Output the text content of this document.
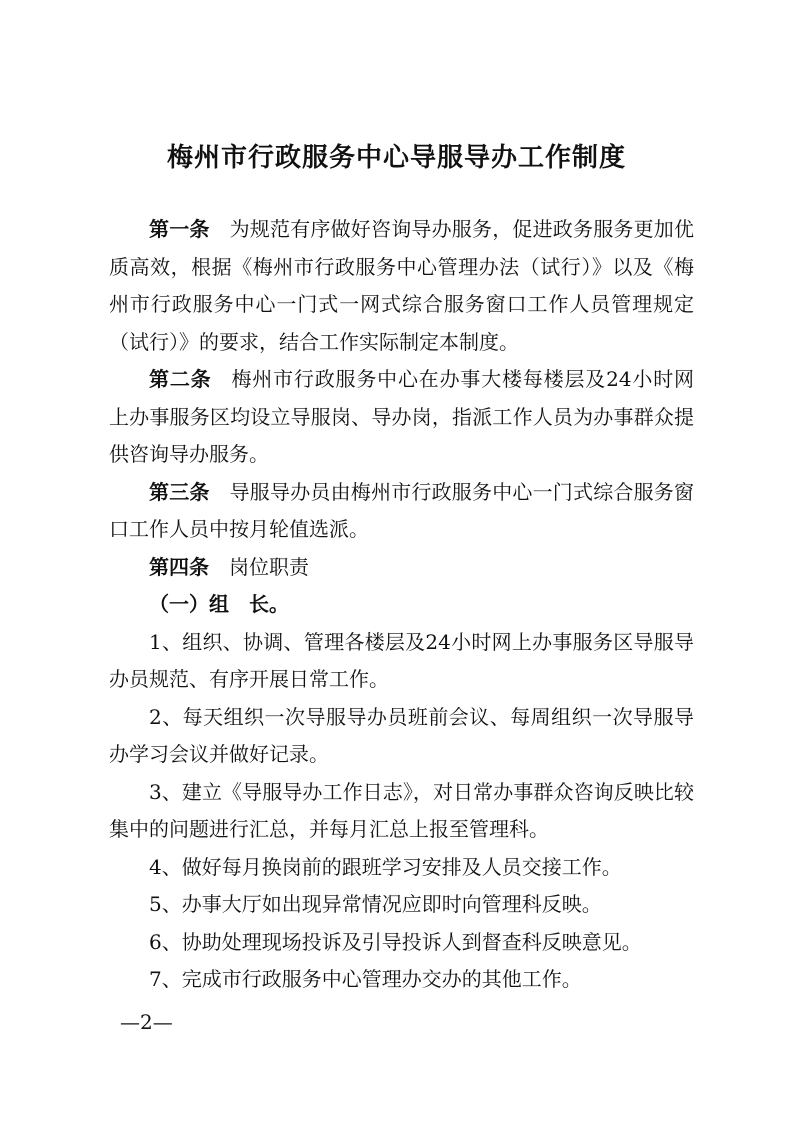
梅州市行政服务中心导服导办工作制度

第一条 为规范有序做好咨询导办服务，促进政务服务更加优质高效，根据《梅州市行政服务中心管理办法（试行）》以及《梅州市行政服务中心一门式一网式综合服务窗口工作人员管理规定（试行）》的要求，结合工作实际制定本制度。

第二条 梅州市行政服务中心在办事大楼每楼层及24小时网上办事服务区均设立导服岗、导办岗，指派工作人员为办事群众提供咨询导办服务。

第三条 导服导办员由梅州市行政服务中心一门式综合服务窗口工作人员中按月轮值选派。

第四条 岗位职责

（一）组　长。

1、组织、协调、管理各楼层及24小时网上办事服务区导服导办员规范、有序开展日常工作。

2、每天组织一次导服导办员班前会议、每周组织一次导服导办学习会议并做好记录。

3、建立《导服导办工作日志》，对日常办事群众咨询反映比较集中的问题进行汇总，并每月汇总上报至管理科。

4、做好每月换岗前的跟班学习安排及人员交接工作。

5、办事大厅如出现异常情况应即时向管理科反映。

6、协助处理现场投诉及引导投诉人到督查科反映意见。

7、完成市行政服务中心管理办交办的其他工作。

—2—
